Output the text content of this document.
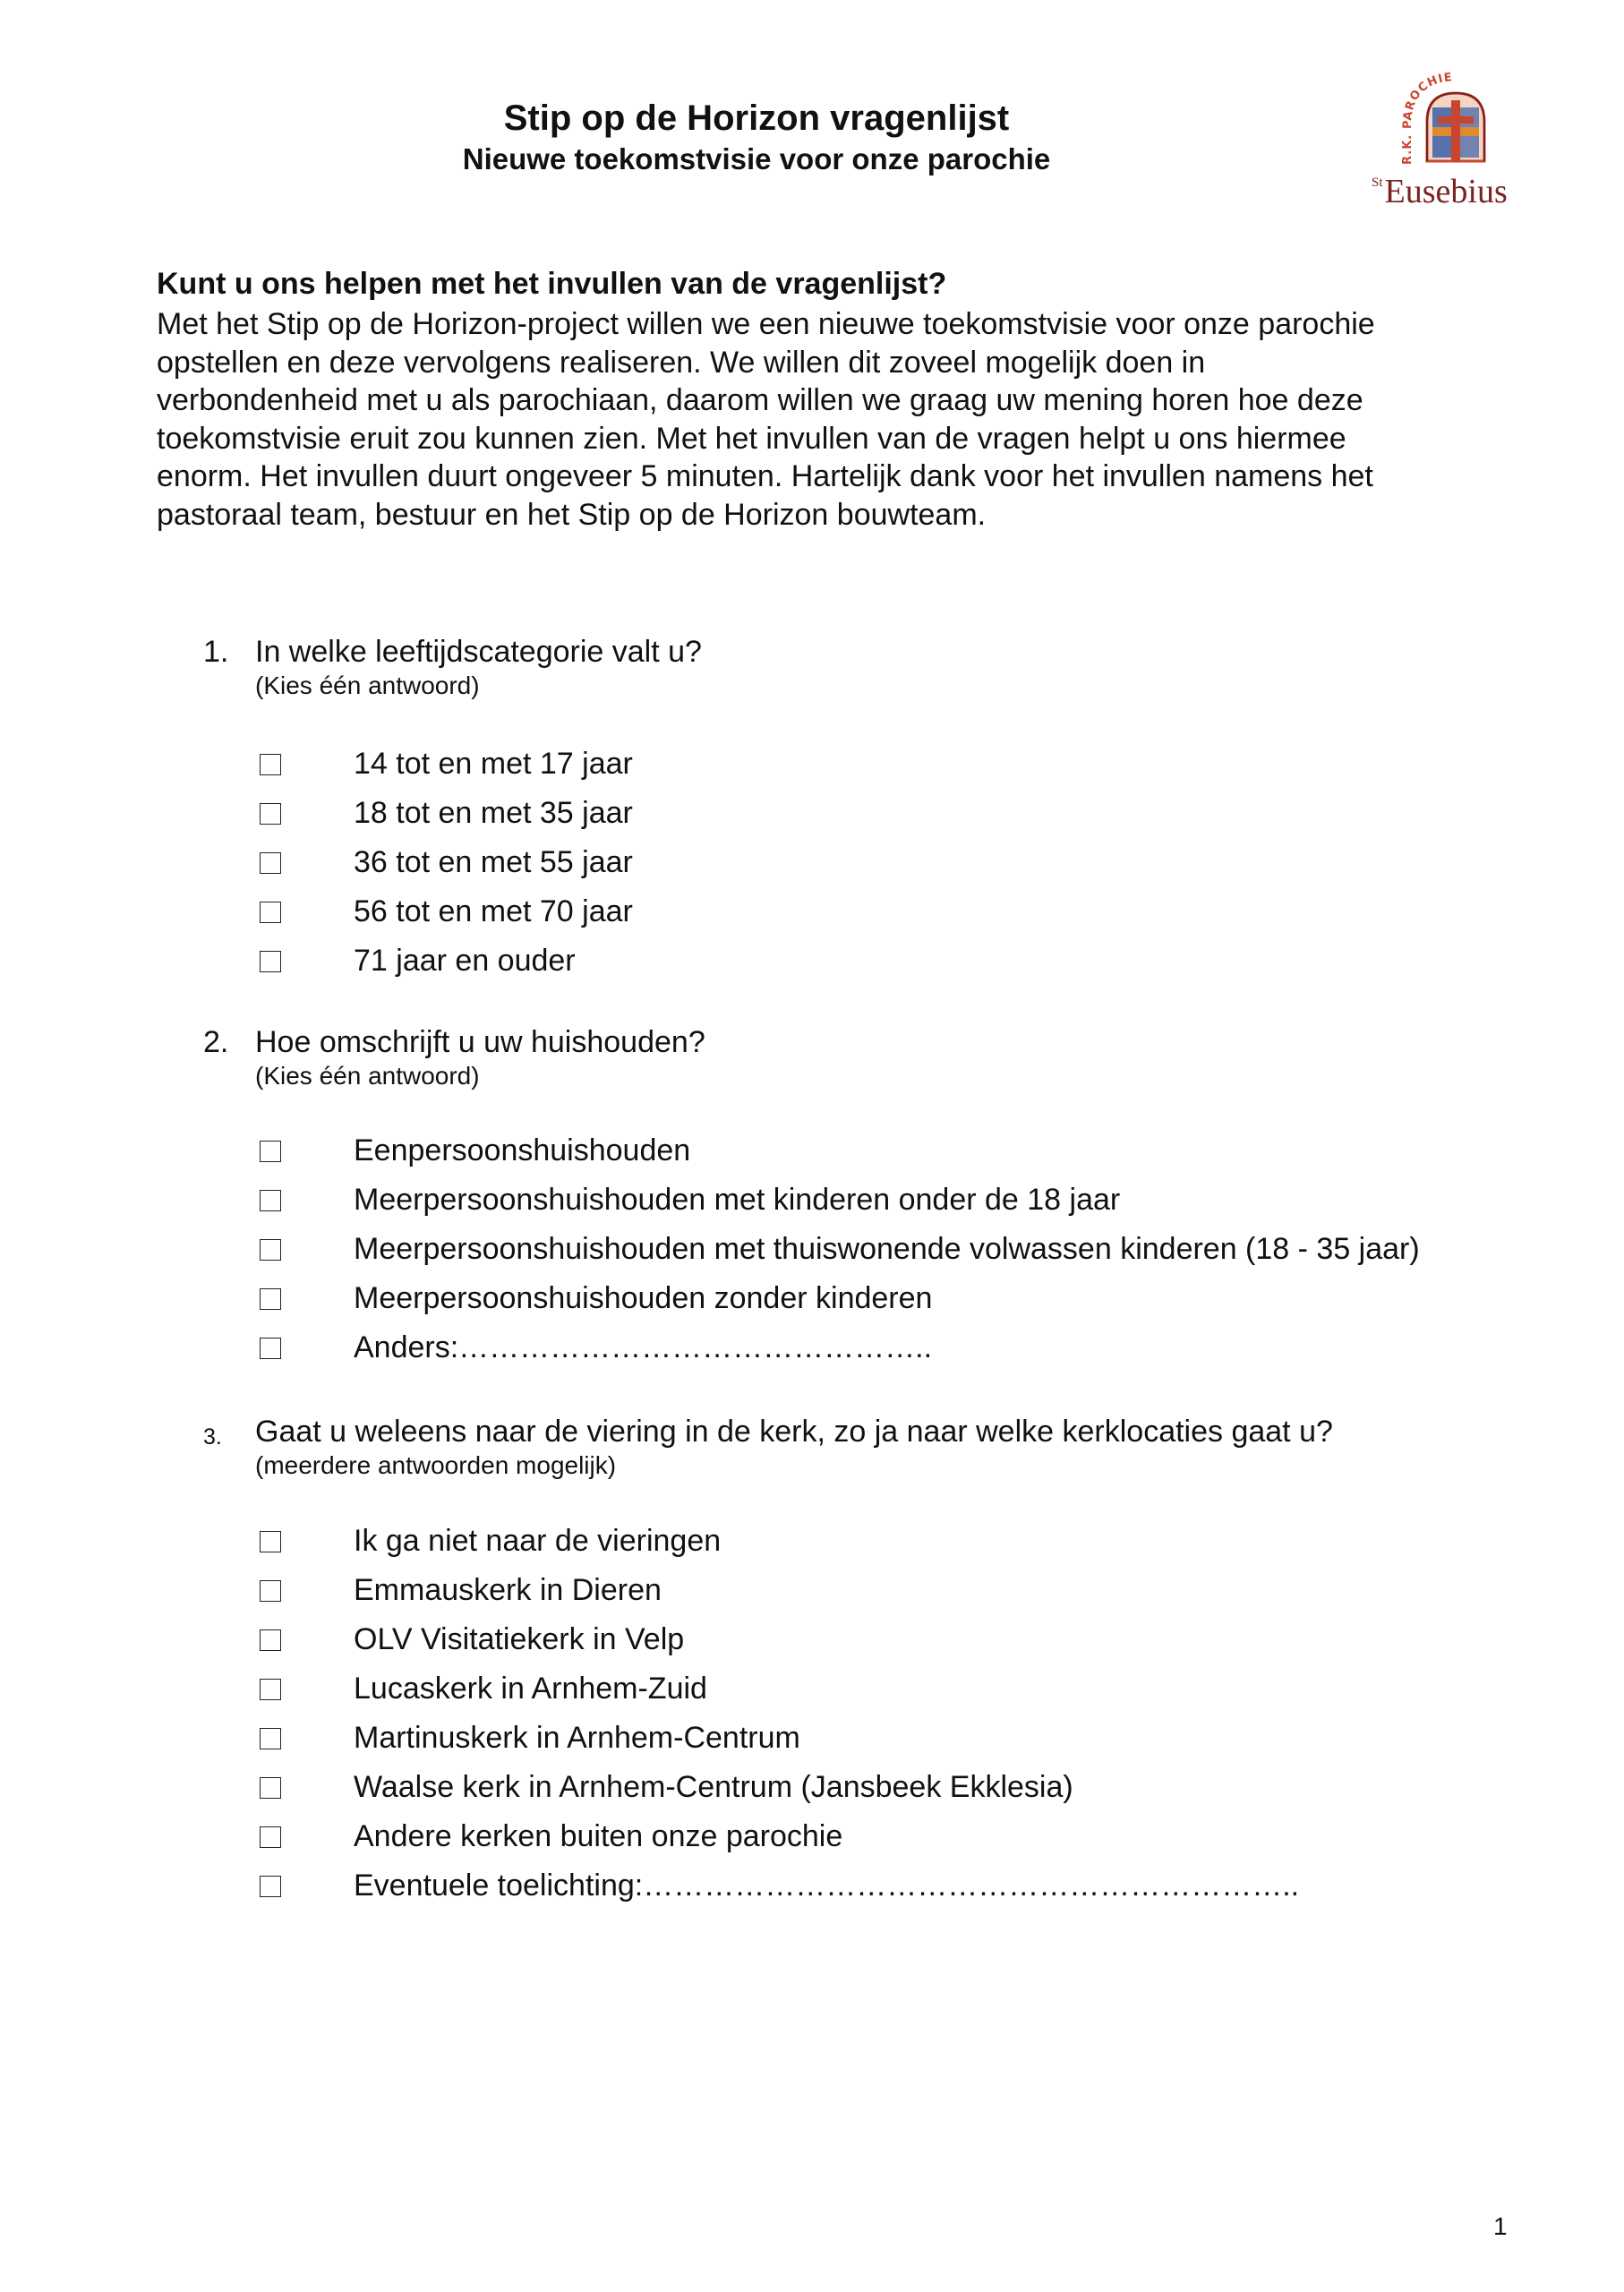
Stip op de Horizon vragenlijst
Nieuwe toekomstvisie voor onze parochie	R.K. PAROCHIE
$^{St}$Eusebius
Kunt u ons helpen met het invullen van de vragenlijst?
Met het Stip op de Horizon-project willen we een nieuwe toekomstvisie voor onze parochie
opstellen en deze vervolgens realiseren. We willen dit zoveel mogelijk doen in
verbondenheid met u als parochiaan, daarom willen we graag uw mening horen hoe deze
toekomstvisie eruit zou kunnen zien. Met het invullen van de vragen helpt u ons hiermee
enorm. Het invullen duurt ongeveer 5 minuten. Hartelijk dank voor het invullen namens het
pastoraal team, bestuur en het Stip op de Horizon bouwteam.
1. In welke leeftijdscategorie valt u?
(Kies één antwoord)
14 tot en met 17 jaar
18 tot en met 35 jaar
36 tot en met 55 jaar
56 tot en met 70 jaar
71 jaar en ouder
2. Hoe omschrijft u uw huishouden?
(Kies één antwoord)
Eenpersoonshuishouden
Meerpersoonshuishouden met kinderen onder de 18 jaar
Meerpersoonshuishouden met thuiswonende volwassen kinderen (18 - 35 jaar)
Meerpersoonshuishouden zonder kinderen
Anders:………………………………………..
3. Gaat u weleens naar de viering in de kerk, zo ja naar welke kerklocaties gaat u?
(meerdere antwoorden mogelijk)
Ik ga niet naar de vieringen
Emmauskerk in Dieren
OLV Visitatiekerk in Velp
Lucaskerk in Arnhem-Zuid
Martinuskerk in Arnhem-Centrum
Waalse kerk in Arnhem-Centrum (Jansbeek Ekklesia)
Andere kerken buiten onze parochie
Eventuele toelichting:………………………………………………………..
1
